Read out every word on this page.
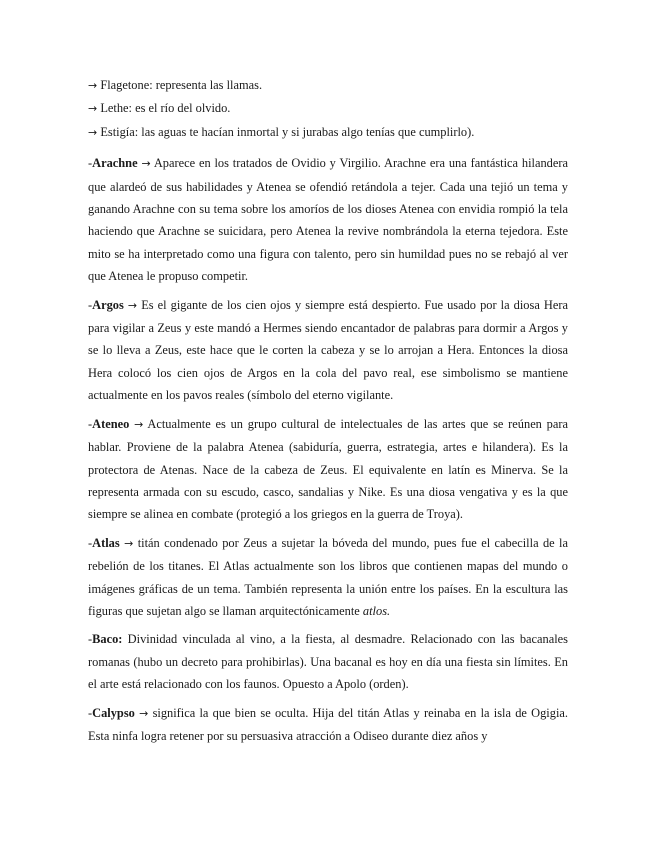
→ Flagetone: representa las llamas.

→ Lethe: es el río del olvido.

→ Estigía: las aguas te hacían inmortal y si jurabas algo tenías que cumplirlo).

-Arachne → Aparece en los tratados de Ovidio y Virgilio. Arachne era una fantástica hilandera que alardeó de sus habilidades y Atenea se ofendió retándola a tejer. Cada una tejió un tema y ganando Arachne con su tema sobre los amoríos de los dioses Atenea con envidia rompió la tela haciendo que Arachne se suicidara, pero Atenea la revive nombrándola la eterna tejedora. Este mito se ha interpretado como una figura con talento, pero sin humildad pues no se rebajó al ver que Atenea le propuso competir.

-Argos → Es el gigante de los cien ojos y siempre está despierto. Fue usado por la diosa Hera para vigilar a Zeus y este mandó a Hermes siendo encantador de palabras para dormir a Argos y se lo lleva a Zeus, este hace que le corten la cabeza y se lo arrojan a Hera. Entonces la diosa Hera colocó los cien ojos de Argos en la cola del pavo real, ese simbolismo se mantiene actualmente en los pavos reales (símbolo del eterno vigilante.

-Ateneo → Actualmente es un grupo cultural de intelectuales de las artes que se reúnen para hablar. Proviene de la palabra Atenea (sabiduría, guerra, estrategia, artes e hilandera). Es la protectora de Atenas. Nace de la cabeza de Zeus. El equivalente en latín es Minerva. Se la representa armada con su escudo, casco, sandalias y Nike. Es una diosa vengativa y es la que siempre se alinea en combate (protegió a los griegos en la guerra de Troya).

-Atlas → titán condenado por Zeus a sujetar la bóveda del mundo, pues fue el cabecilla de la rebelión de los titanes. El Atlas actualmente son los libros que contienen mapas del mundo o imágenes gráficas de un tema. También representa la unión entre los países. En la escultura las figuras que sujetan algo se llaman arquitectónicamente atlos.

-Baco: Divinidad vinculada al vino, a la fiesta, al desmadre. Relacionado con las bacanales romanas (hubo un decreto para prohibirlas). Una bacanal es hoy en día una fiesta sin límites. En el arte está relacionado con los faunos. Opuesto a Apolo (orden).

-Calypso → significa la que bien se oculta. Hija del titán Atlas y reinaba en la isla de Ogigia. Esta ninfa logra retener por su persuasiva atracción a Odiseo durante diez años y
